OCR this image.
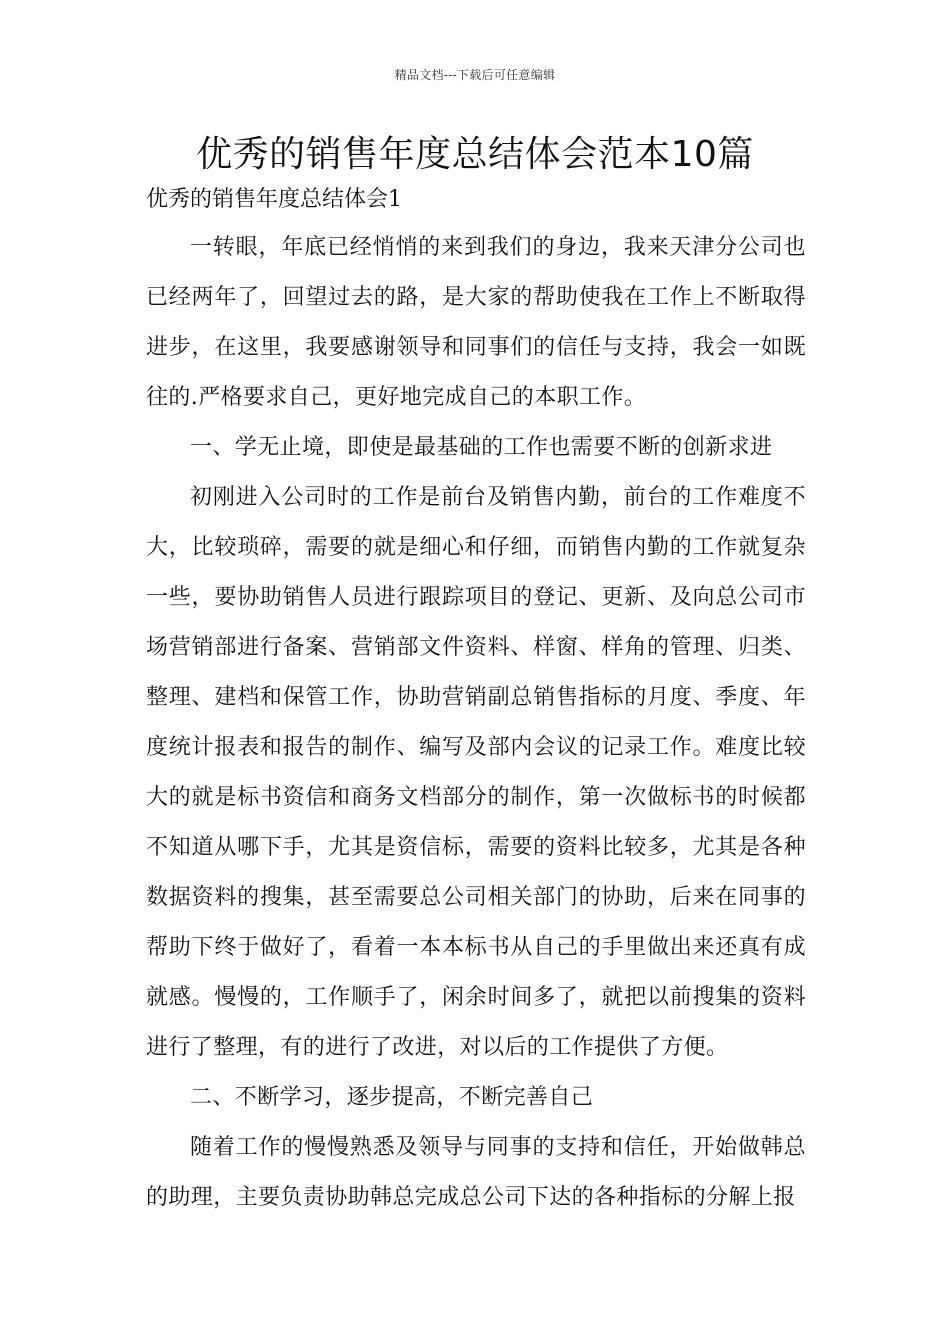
精品文档---下载后可任意编辑
优秀的销售年度总结体会范本10篇

优秀的销售年度总结体会1

一转眼，年底已经悄悄的来到我们的身边，我来天津分公司也已经两年了，回望过去的路，是大家的帮助使我在工作上不断取得进步，在这里，我要感谢领导和同事们的信任与支持，我会一如既往的.严格要求自己，更好地完成自己的本职工作。

一、学无止境，即使是最基础的工作也需要不断的创新求进

初刚进入公司时的工作是前台及销售内勤，前台的工作难度不大，比较琐碎，需要的就是细心和仔细，而销售内勤的工作就复杂一些，要协助销售人员进行跟踪项目的登记、更新、及向总公司市场营销部进行备案、营销部文件资料、样窗、样角的管理、归类、整理、建档和保管工作，协助营销副总销售指标的月度、季度、年度统计报表和报告的制作、编写及部内会议的记录工作。难度比较大的就是标书资信和商务文档部分的制作，第一次做标书的时候都不知道从哪下手，尤其是资信标，需要的资料比较多，尤其是各种数据资料的搜集，甚至需要总公司相关部门的协助，后来在同事的帮助下终于做好了，看着一本本标书从自己的手里做出来还真有成就感。慢慢的，工作顺手了，闲余时间多了，就把以前搜集的资料进行了整理，有的进行了改进，对以后的工作提供了方便。

二、不断学习，逐步提高，不断完善自己

随着工作的慢慢熟悉及领导与同事的支持和信任，开始做韩总的助理，主要负责协助韩总完成总公司下达的各种指标的分解上报
